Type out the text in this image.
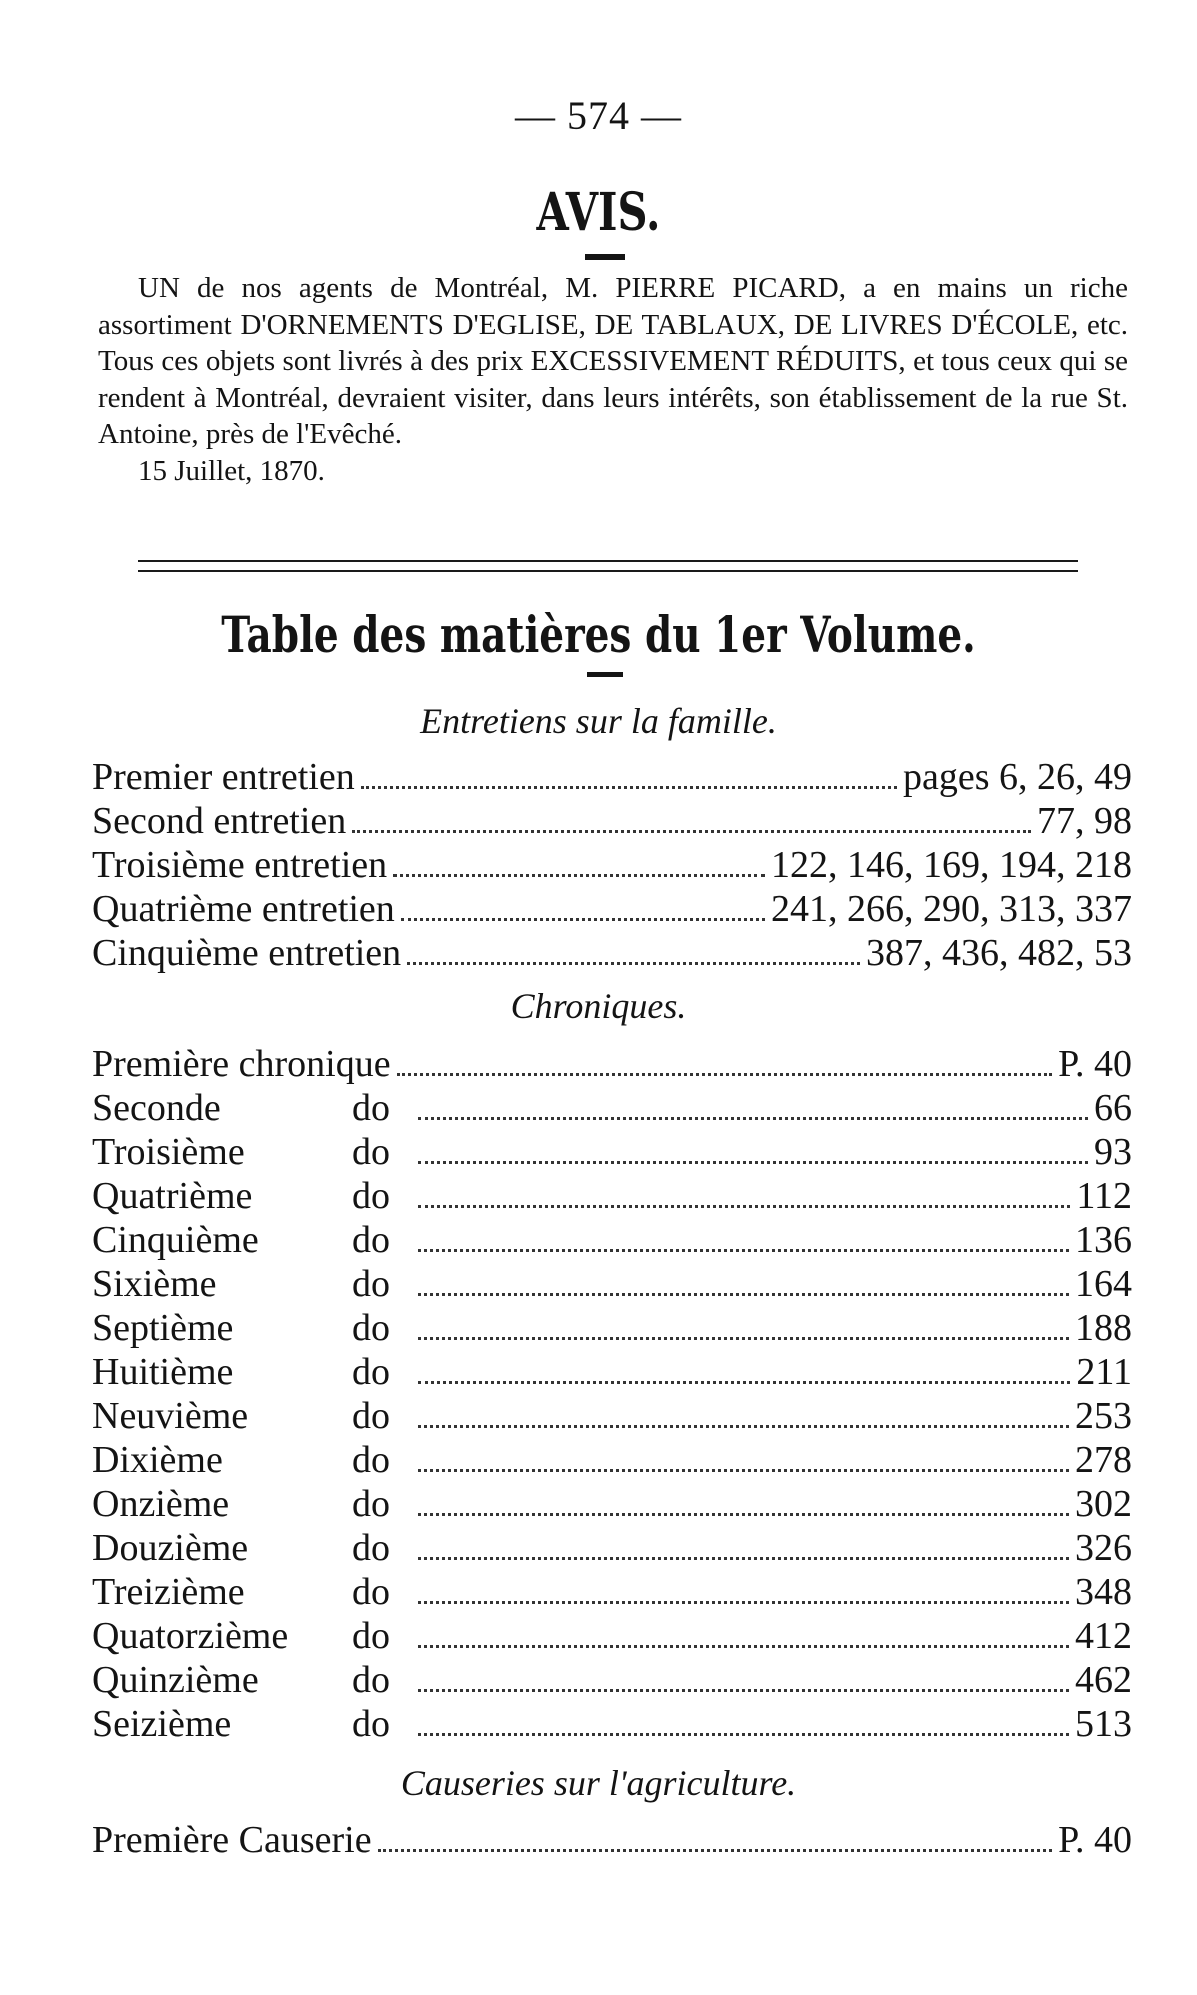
— 574 —
AVIS.
UN de nos agents de Montréal, M. PIERRE PICARD, a en mains un riche assortiment D'ORNEMENTS D'EGLISE, DE TABLAUX, DE LIVRES D'ÉCOLE, etc. Tous ces objets sont livrés à des prix EXCESSIVEMENT RÉDUITS, et tous ceux qui se rendent à Montréal, devraient visiter, dans leurs intérêts, son établissement de la rue St. Antoine, près de l'Evêché.
15 Juillet, 1870.
Table des matières du 1er Volume.
Entretiens sur la famille.
Premier entretien	pages 6, 26, 49
Second entretien	77, 98
Troisième entretien	122, 146, 169, 194, 218
Quatrième entretien	241, 266, 290, 313, 337
Cinquième entretien	387, 436, 482, 53
Chroniques.
Première chronique	P. 40
Seconde	do	66
Troisième	do	93
Quatrième	do	112
Cinquième	do	136
Sixième	do	164
Septième	do	188
Huitième	do	211
Neuvième	do	253
Dixième	do	278
Onzième	do	302
Douzième	do	326
Treizième	do	348
Quatorzième	do	412
Quinzième	do	462
Seizième	do	513
Causeries sur l'agriculture.
Première Causerie	P. 40
